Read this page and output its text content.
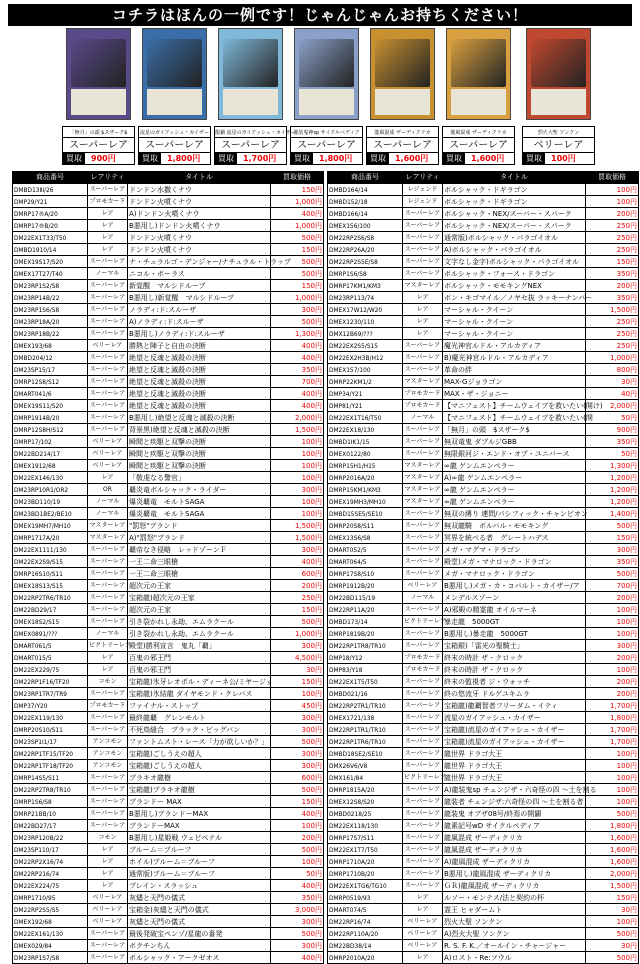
コチラはほんの一例です！じゃんじゃんお持ちください！
「無月」の頭 $スザーク$
スーパーレア
買取 900円
流星のガイアッシュ・カイザー
スーパーレア
買取 1,800円
龍覇 流星のガイアッシュ・カイザー
スーパーレア
買取 1,700円
龍装鬼神sp サイクルペディア
スーパーレア
買取 1,800円
龍風混成 ザーディクリカ
スーパーレア
買取 1,600円
龍風混成 ザーディクリカ
スーパーレア
買取 1,600円
烈火大聖 ソンクン
ベリーレア
買取 100円
商品番号	レアリティ	タイトル	買取価格
DMBD13ⅡⅠ/26	スーパーレア	ドンドン水撒くナウ	150円
DMP29/Y21	プロモカード	ドンドン火噴くナウ	1,000円
DMRP17®A/20	レア	A)ドンドン火噴くナウ	400円
DMRP17®B/20	レア	B悪用し)ドンドン火噴くナウ	1,000円
DM22EX1T33/T50	レア	ドンドン火噴くナウ	500円
DMBD1910/14	レア	ドンドン火噴くナウ	150円
DMEX19S17/S20	スーパーレア	ナ・チュラルゴ・デンジャー/ナチュラル・トラップ	500円
DMEX17T27/T40	ノーマル	ニコル・ボーラス	500円
DM23RP1S2/S8	スーパーレア	新覚醒　マルシドルーブ	150円
DM23RP14B/22	スーパーレア	B悪用し)新覚醒　マルシドルーブ	1,000円
DM23RP1S6/S8	スーパーレア	ノラディ:ド:スルーザ	300円
DM23RP18A/20	スーパーレア	A)ノラディ:ド:スルーザ	500円
DM23RP18B/22	スーパーレア	B悪用し)ノラディ:ド:スルーザ	1,300円
DMEX193/68	ベリーレア	勝熱と陣子と自由の決断	400円
DMBD204/12	スーパーレア	絶望と反魂と滅殺の決断	400円
DM23SP15/17	スーパーレア	絶望と反魂と滅殺の決断	350円
DMRP12S8/S12	スーパーレア	絶望と反魂と滅殺の決断	700円
DMART041/6	スーパーレア	絶望と反魂と滅殺の決断	400円
DMEX19S11/S20	スーパーレア	絶望と反魂と滅殺の決断	400円
DMRP1914B/20	スーパーレア	B悪用し)絶望と反魂と滅殺の決断	2,000円
DMRP12S8H/S12	スーパーレア	背景黒)絶望と反魂と滅殺の決断	1,500円
DMRP17/102	ベリーレア	瞬間と疾駆と双撃の決断	100円
DM22BD214/17	ベリーレア	瞬間と疾駆と双撃の決断	100円
DMEX1912/68	ベリーレア	瞬間と疾駆と双撃の決断	100円
DM22EX146/130	レア	「敬虔なる警官」	100円
DM23RP10R1/OR2	OR	覇炎竜ボルシャック・ライダー	300円
DM23BD110/19	ノーマル	爆炎覇竜　モルトSAGA	100円
DM23BD1BE2/BE10	ノーマル	爆炎覇竜　モルトSAGA	100円
DMEX19MH7/MH10	マスターレア	"罰怒"ブランド	1,500円
DMRP1717A/20	マスターレア	A)"罰怒"ブランド	1,500円
DM22EX1111/130	スーパーレア	覇帝なき侵略　レッドゾーンＦ	300円
DM22EX2S9/S15	スーパーレア	一王二命三眼槍	400円
DMRP16S10/S11	スーパーレア	一王二命三眼槍	600円
DMEX18S13/S15	スーパーレア	超次元の王家	200円
DM22RP2TR6/TR10	スーパーレア	宝箱龍)超次元の王家	250円
DM22BD29/17	スーパーレア	超次元の王家	150円
DMEX18S2/S15	スーパーレア	引き裂かれし永劫、エムラクール	500円
DMEX0891/???	ノーマル	引き裂かれし永劫、エムラクール	1,000円
DMART061/5	ビクトリーレア	殿堂)勝利宣言　鬼丸「覇」	300円
DMART015/5	レア	百鬼の邪王門	4,500円
DM22EX229/75	レア	百鬼の邪王門	30円
DM22RP1F16/TF20	コモン	宝箱龍)氷牙レオポル・ディーネ公/ミヤージョ	150円
DM23RP1TR7/TR9	スーパーレア	宝箱龍)氷結龍 ダイヤモンド・クレバス	100円
DMP37/Y20	プロモカード	ファイナル・ストップ	450円
DM22EX119/130	スーパーレア	最終龍覇　グレンモルト	300円
DMRP20S10/S11	スーパーレア	不死鳥縫合　ブラック・ビッグバン	300円
DM23SP1Ⅰ1/17	アンコモン	ファントムスト・レース「力が欲しいか？」	500円
DM22RP1TF15/TF20	アンコモン	宝箱龍)ごしうえの超人	300円
DM22RP1TF18/TF20	アンコモン	宝箱龍)ごしうえの超人	300円
DMRP14S5/S11	スーパーレア	ブラキオ龍樹	600円
DM22RP2TR8/TR10	スーパーレア	宝箱龍)ブラキオ龍樹	500円
DMRP1S6/S8	スーパーレア	ブランドー MAX	150円
DMRP21BB/10	スーパーレア	B悪用し)ブランドーMAX	400円
DM22BD27/17	スーパーレア	ブランドーMAX	100円
DM23RP120B/22	コモン	B悪用し)星姫戦 ウェピペテル	200円
DM23SP110/17	レア	ブルーム＝プルーフ	500円
DM22RP2X16/74	レア	ホイル)ブルーム＝プルーフ	100円
DM22RP216/74	レア	通常版)ブルーム＝プルーフ	50円
DM22EX224/75	レア	ブレイン・スラッシュ	400円
DMRP1710/95	ベリーレア	灰燼と天門の儀式	350円
DM22RP2S5/S5	ベリーレア	宝箱金)灰燼と天門の儀式	3,000円
DMEX192/68	ベリーレア	灰燼と天門の儀式	300円
DM22EX161/130	スーパーレア	最後発破宝ペンゾ/星龍の番発	500円
DMEX029/84	スーパーレア	ボクチンちん	300円
DM23RP1S7/S8	スーパーレア	ボルシャック・アークゼオス	400円
商品番号	レアリティ	タイトル	買取価格
DMBD164/14	レジェンド	ボルシャック・ドギラゴン	100円
DMBD152/18	レジェンド	ボルシャック・ドギラゴン	100円
DMBD166/14	スーパーレア	ボルシャック・NEX/スーパー・スパーク	200円
DMEX156/100	スーパーレア	ボルシャック・NEX/スーパー・スパーク	250円
DM22RP2S6/S8	スーパーレア	通常版)ボルシャック・パラゴイオル	250円
DM22RP26A/20	スーパーレア	A)ボルシャック・パラゴイオル	250円
DM22RP2S5E/S8	スーパーレア	文字なし金字)ボルシャック・パラゴイオル	150円
DMRP1S6/S8	スーパーレア	ボルシャック・フォース・ドラゴン	350円
DMRP17KM1/KM3	マスターレア	ボルシャック・モモキングNEX	200円
DM23RP113/74	レア	ボン・キゴマイル／ノヤセ抜 ラッキーナンバー	350円
DMEX17W12/W20	レア	マーシャル・クイーン	1,500円
DMEX1230/110	レア	マーシャル・クイーン	250円
DMX12B69/???	レア	マーシャル・クイーン	250円
DM22EX2S5/S15	スーパーレア	魔光神官ルドル・アルカディア	250円
DM22EX2H3B/H12	スーパーレア	B)魔光神官ルドル・アルカディア	1,000円
DMEX157/100	スーパーレア	革命の絆	800円
DMRP22KM1/2	マスターレア	MAX-Gジョラゴン	30円
DMP34/Y21	プロモカード	MAX・ザ・ジョニー	40円
DMP81/Y21	プロモカード	【マニフェスト】チームウェイブを救いたい(開け)	2,000円
DM22EX1T16/T50	ノーマル	【マニフェスト】チームウェイブを救いたい(開	50円
DM22EX18/130	スーパーレア	「無月」の頭　$スザーク$	900円
DMBD1IK1/15	スーパーレア	無双竜鬼 ダブルジGBB	350円
DMEX0122/80	スーパーレア	無限銀河ジ・エンド・オブ・ユニバース	50円
DMRP15H1/H15	マスターレア	∞龍 ゲンムエンペラー	1,300円
DMRP2016A/20	マスターレア	A)∞龍 ゲンムエンペラー	1,200円
DMRP15KM1/KM3	マスターレア	∞龍 ゲンムエンペラー	1,200円
DMEX19MH3/MH10	マスターレア	∞龍 ゲンムエンペラー	1,200円
DMBD15SE5/SE10	スーパーレア	無双の縛り 連問/パシフィック・チャンピオン	1,400円
DMRP20S8/S11	スーパーレア	無双龍騎　ボルバル・モモキング	500円
DMEX13S6/S8	スーパーレア	冥界を統べる者　グレートハデス	150円
DMART052/5	スーパーレア	メガ・マグマ・ドラゴン	300円
DMART064/5	スーパーレア	殿堂)メガ・マナロック・ドラゴン	350円
DMRP17S8/S10	スーパーレア	メガ・マナロック・ドラゴン	500円
DMRP1912B/20	ベリーレア	B悪用し)メガ・カ・コバルト・カイザー/ア	700円
DM22BD115/19	ノーマル	メンデルスゾーン	200円
DM22RP11A/20	スーパーレア	A)邪殿の精霊龍 オイルマーネ	100円
DMBD173/14	ビクトリーレア	暴走龍　5000GT	100円
DMRP1819B/20	スーパーレア	B悪用し)暴走龍　5000GT	100円
DM22RP1TR8/TR10	スーパーレア	宝箱銀)「雷光の聖騎士」	300円
DMP18/Y12	プロモカード	終末の時計 ザ・クロック	200円
DMP83/Y18	プロモカード	終末の時計 ザ・クロック	100円
DM22EX1T5/T50	スーパーレア	終末の監視者 ジ・ウォッチ	200円
DMBD021/16	スーパーレア	終の悠流牙 ドルゲユキムラ	200円
DM22RP2TR1/TR10	スーパーレア	宝箱龍)龍覇智者フリーダム・イティ	1,700円
DMEX1721/138	スーパーレア	流星のガイアッシュ・カイザー	1,800円
DM22RP1TR1/TR10	スーパーレア	宝箱龍)流星のガイアッシュ・カイザー	1,700円
DM22RP1TR6/TR10	スーパーレア	宝箱龍)流星のガイアッシュ・カイザー	1,700円
DMBD18SE2/SE10	スーパーレア	龍世界 ドラゴ大王	100円
DMX26V6/V8	スーパーレア	龍世界 ドラゴ大王	100円
DMX161/84	ビクトリーレア	龍世界 ドラゴ大王	100円
DMRP1815A/20	スーパーレア	A)龍装鬼sp チェンジザ・六奇怪の四 ～土を割る	100円
DMEX12S8/S20	スーパーレア	龍装者 チェンジザ:六奇怪の四 ～土を割る者	100円
DMBD0218/25	スーパーレア	龍装鬼 オブザ08号/終焉の開闢	500円
DM22EX118/130	スーパーレア	龍素記号wD サイクルペディア	1,800円
DMRP17S7/S11	スーパーレア	龍風混成 ザーディクリカ	1,600円
DM22EX1T7/T50	スーパーレア	龍風混成 ザーディクリカ	1,600円
DMRP1710A/20	スーパーレア	A)龍風混成 ザーディクリカ	1,600円
DMRP1710B/20	スーパーレア	B悪用し)龍風混成 ザーディクリカ	2,000円
DM22EX1TG6/TG10	スーパーレア	ＧＲ)龍風混成 ザーディクリカ	1,500円
DMRP0519/93	レア	ルソー・モンテス/法と契約の杯	150円
DMART074/5	レア	霊王 ヒャダームト	30円
DM22RP16/74	ベリーレア	烈火大聖 ソンクン	100円
DM22RP110A/20	ベリーレア	A)烈火大聖 ソンクン	500円
DM22BD38/14	ベリーレア	R. S. F. K.／オールイン・チャージャー	30円
DMRP2010A/20	レア	A)ロスト・Re:ソウル	500円
